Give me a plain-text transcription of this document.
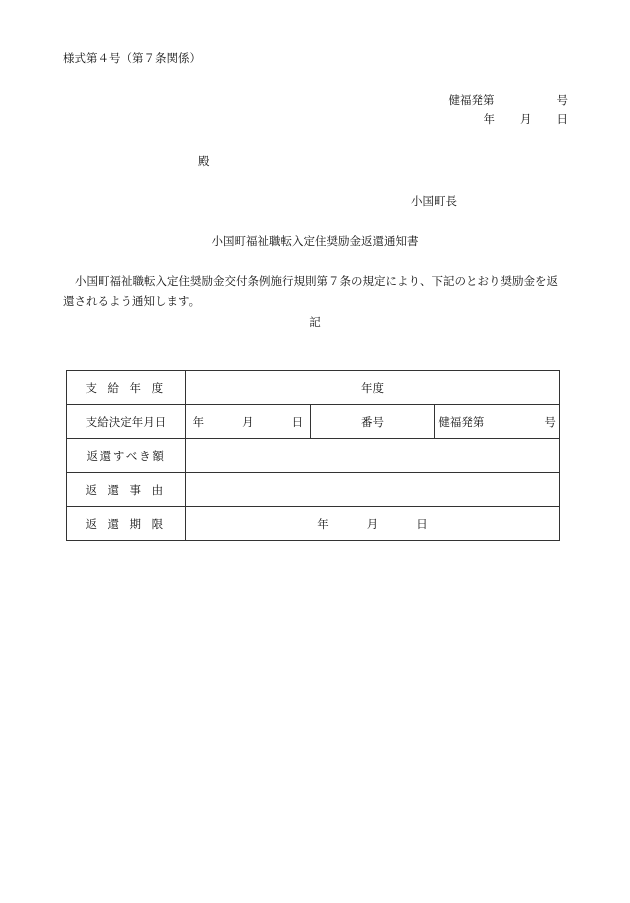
様式第４号（第７条関係）
健福発第	号
年 月 日
殿
小国町長
小国町福祉職転入定住奨励金返還通知書
小国町福祉職転入定住奨励金交付条例施行規則第７条の規定により、下記のとおり奨励金を返還されるよう通知します。
記
支 給 年 度	年度		
支給決定年月日	年 月 日	番号	健福発第 号
返還すべき額			
返 還 事 由			
返 還 期 限	年 月 日		
